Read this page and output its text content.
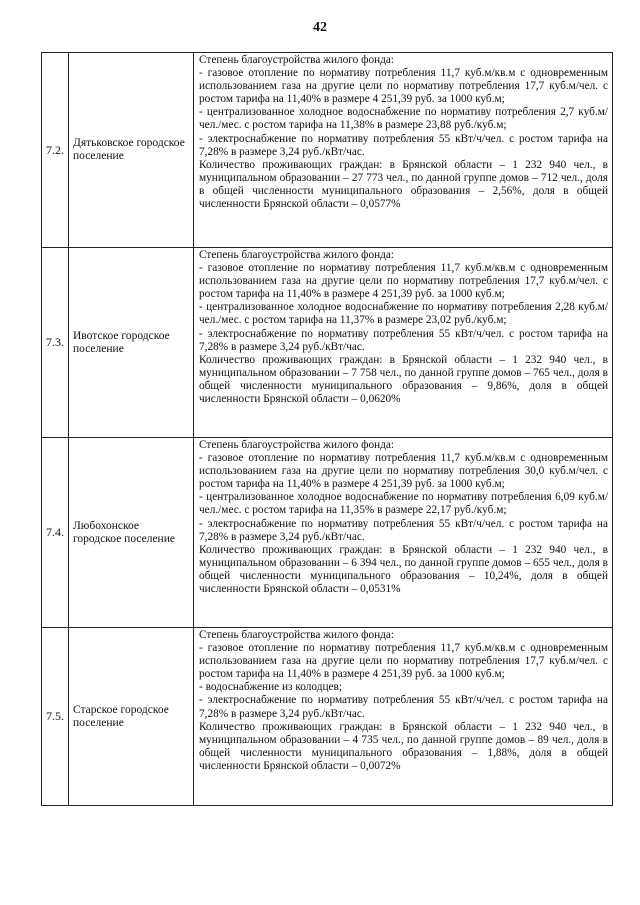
42
7.2.	Дятьковское городское поселение	Степень благоустройства жилого фонда:
- газовое отопление по нормативу потребления 11,7 куб.м/кв.м с одновременным использованием газа на другие цели по нормативу потребления 17,7 куб.м/чел. с ростом тарифа на 11,40% в размере 4 251,39 руб. за 1000 куб.м;
- централизованное холодное водоснабжение по нормативу потребления 2,7 куб.м/чел./мес. с ростом тарифа на 11,38% в размере 23,88 руб./куб.м;
- электроснабжение по нормативу потребления 55 кВт/ч/чел. с ростом тарифа на 7,28% в размере 3,24 руб./кВт/час.
Количество проживающих граждан: в Брянской области – 1 232 940 чел., в муниципальном образовании – 27 773 чел., по данной группе домов – 712 чел., доля в общей численности муниципального образования – 2,56%, доля в общей численности Брянской области – 0,0577%

7.3.	Ивотское городское поселение	Степень благоустройства жилого фонда:
- газовое отопление по нормативу потребления 11,7 куб.м/кв.м с одновременным использованием газа на другие цели по нормативу потребления 17,7 куб.м/чел. с ростом тарифа на 11,40% в размере 4 251,39 руб. за 1000 куб.м;
- централизованное холодное водоснабжение по нормативу потребления 2,28 куб.м/чел./мес. с ростом тарифа на 11,37% в размере 23,02 руб./куб.м;
- электроснабжение по нормативу потребления 55 кВт/ч/чел. с ростом тарифа на 7,28% в размере 3,24 руб./кВт/час.
Количество проживающих граждан: в Брянской области – 1 232 940 чел., в муниципальном образовании – 7 758 чел., по данной группе домов – 765 чел., доля в общей численности муниципального образования – 9,86%, доля в общей численности Брянской области – 0,0620%

7.4.	Любохонское городское поселение	Степень благоустройства жилого фонда:
- газовое отопление по нормативу потребления 11,7 куб.м/кв.м с одновременным использованием газа на другие цели по нормативу потребления 30,0 куб.м/чел. с ростом тарифа на 11,40% в размере 4 251,39 руб. за 1000 куб.м;
- централизованное холодное водоснабжение по нормативу потребления 6,09 куб.м/чел./мес. с ростом тарифа на 11,35% в размере 22,17 руб./куб.м;
- электроснабжение по нормативу потребления 55 кВт/ч/чел. с ростом тарифа на 7,28% в размере 3,24 руб./кВт/час.
Количество проживающих граждан: в Брянской области – 1 232 940 чел., в муниципальном образовании – 6 394 чел., по данной группе домов – 655 чел., доля в общей численности муниципального образования – 10,24%, доля в общей численности Брянской области – 0,0531%

7.5.	Старское городское поселение	Степень благоустройства жилого фонда:
- газовое отопление по нормативу потребления 11,7 куб.м/кв.м с одновременным использованием газа на другие цели по нормативу потребления 17,7 куб.м/чел. с ростом тарифа на 11,40% в размере 4 251,39 руб. за 1000 куб.м;
- водоснабжение из колодцев;
- электроснабжение по нормативу потребления 55 кВт/ч/чел. с ростом тарифа на 7,28% в размере 3,24 руб./кВт/час.
Количество проживающих граждан: в Брянской области – 1 232 940 чел., в муниципальном образовании – 4 735 чел., по данной группе домов – 89 чел., доля в общей численности муниципального образования – 1,88%, доля в общей численности Брянской области – 0,0072%
